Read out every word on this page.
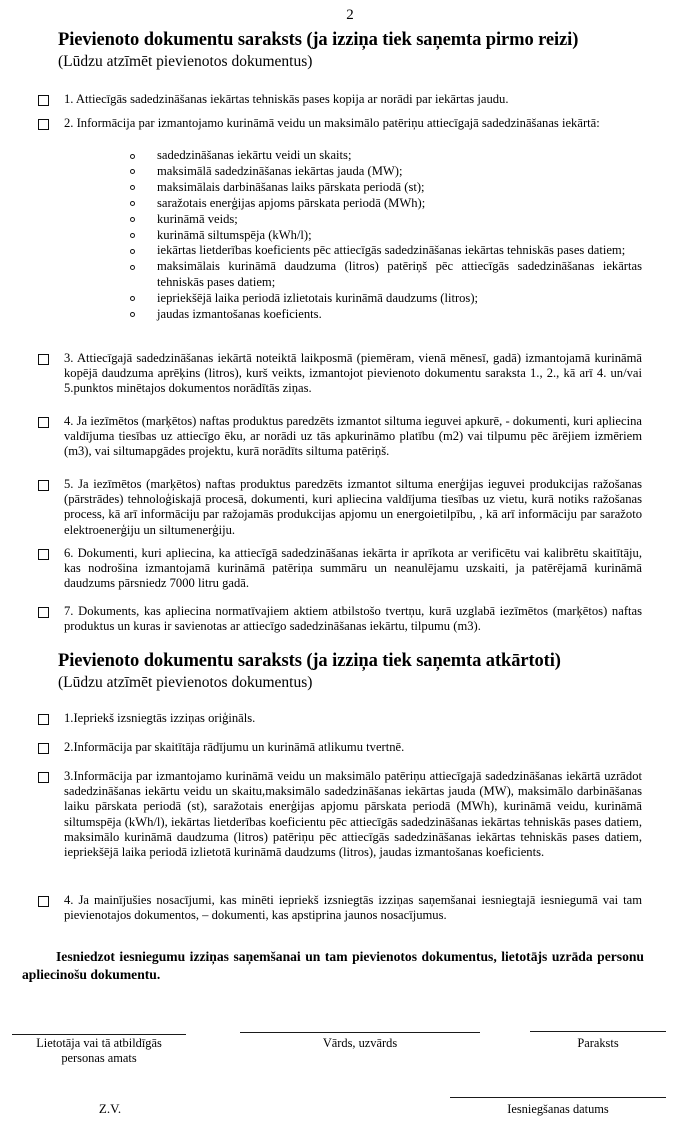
2
Pievienoto dokumentu saraksts (ja izziņa tiek saņemta pirmo reizi)
(Lūdzu atzīmēt pievienotos dokumentus)
1. Attiecīgās sadedzināšanas iekārtas tehniskās pases kopija ar norādi par iekārtas jaudu.
2. Informācija par izmantojamo kurināmā veidu un maksimālo patēriņu attiecīgajā sadedzināšanas iekārtā:
sadedzināšanas iekārtu veidi un skaits;
maksimālā sadedzināšanas iekārtas jauda (MW);
maksimālais darbināšanas laiks pārskata periodā (st);
saražotais enerģijas apjoms pārskata periodā (MWh);
kurināmā veids;
kurināmā siltumspēja (kWh/l);
iekārtas lietderības koeficients pēc attiecīgās sadedzināšanas iekārtas tehniskās pases datiem;
maksimālais kurināmā daudzuma (litros) patēriņš pēc attiecīgās sadedzināšanas iekārtas tehniskās pases datiem;
iepriekšējā laika periodā izlietotais kurināmā daudzums (litros);
jaudas izmantošanas koeficients.
3. Attiecīgajā sadedzināšanas iekārtā noteiktā laikposmā (piemēram, vienā mēnesī, gadā) izmantojamā kurināmā kopējā daudzuma aprēķins (litros), kurš veikts, izmantojot pievienoto dokumentu saraksta 1., 2., kā arī 4. un/vai 5.punktos minētajos dokumentos norādītās ziņas.
4. Ja iezīmētos (marķētos) naftas produktus paredzēts izmantot siltuma ieguvei apkurē, - dokumenti, kuri apliecina valdījuma tiesības uz attiecīgo ēku, ar norādi uz tās apkurināmo platību (m2) vai tilpumu pēc ārējiem izmēriem (m3), vai siltumapgādes projektu, kurā norādīts siltuma patēriņš.
5. Ja iezīmētos (marķētos) naftas produktus paredzēts izmantot siltuma enerģijas ieguvei produkcijas ražošanas (pārstrādes) tehnoloģiskajā procesā, dokumenti, kuri apliecina valdījuma tiesības uz vietu, kurā notiks ražošanas process, kā arī informāciju par ražojamās produkcijas apjomu un energoietilpību, , kā arī informāciju par saražoto elektroenerģiju un siltumenerģiju.
6. Dokumenti, kuri apliecina, ka attiecīgā sadedzināšanas iekārta ir aprīkota ar verificētu vai kalibrētu skaitītāju, kas nodrošina izmantojamā kurināmā patēriņa summāru un neanulējamu uzskaiti, ja patērējamā kurināmā daudzums pārsniedz 7000 litru gadā.
7. Dokuments, kas apliecina normatīvajiem aktiem atbilstošo tvertņu, kurā uzglabā iezīmētos (marķētos) naftas produktus un kuras ir savienotas ar attiecīgo sadedzināšanas iekārtu, tilpumu (m3).
Pievienoto dokumentu saraksts (ja izziņa tiek saņemta atkārtoti)
(Lūdzu atzīmēt pievienotos dokumentus)
1.Iepriekš izsniegtās izziņas oriģināls.
2.Informācija par skaitītāja rādījumu un kurināmā atlikumu tvertnē.
3.Informācija par izmantojamo kurināmā veidu un maksimālo patēriņu attiecīgajā sadedzināšanas iekārtā uzrādot sadedzināšanas iekārtu veidu un skaitu,maksimālo sadedzināšanas iekārtas jauda (MW), maksimālo darbināšanas laiku pārskata periodā (st), saražotais enerģijas apjomu pārskata periodā (MWh), kurināmā veidu, kurināmā siltumspēja (kWh/l), iekārtas lietderības koeficientu pēc attiecīgās sadedzināšanas iekārtas tehniskās pases datiem, maksimālo kurināmā daudzuma (litros) patēriņu pēc attiecīgās sadedzināšanas iekārtas tehniskās pases datiem, iepriekšējā laika periodā izlietotā kurināmā daudzums (litros), jaudas izmantošanas koeficients.
4. Ja mainījušies nosacījumi, kas minēti iepriekš izsniegtās izziņas saņemšanai iesniegtajā iesniegumā vai tam pievienotajos dokumentos, – dokumenti, kas apstiprina jaunos nosacījumus.
Iesniedzot iesniegumu izziņas saņemšanai un tam pievienotos dokumentus, lietotājs uzrāda personu apliecinošu dokumentu.
Lietotāja vai tā atbildīgās
personas amats
Vārds, uzvārds	Paraksts
Z.V.	Iesniegšanas datums
